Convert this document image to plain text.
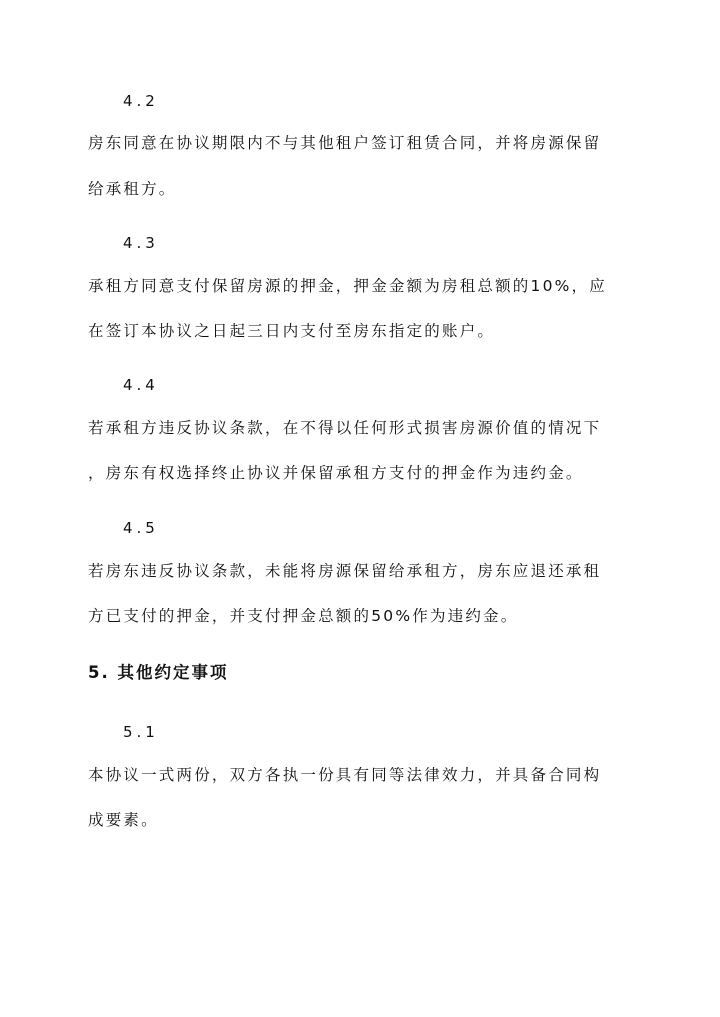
4.2
房东同意在协议期限内不与其他租户签订租赁合同，并将房源保留
给承租方。
4.3
承租方同意支付保留房源的押金，押金金额为房租总额的10%，应
在签订本协议之日起三日内支付至房东指定的账户。
4.4
若承租方违反协议条款，在不得以任何形式损害房源价值的情况下
，房东有权选择终止协议并保留承租方支付的押金作为违约金。
4.5
若房东违反协议条款，未能将房源保留给承租方，房东应退还承租
方已支付的押金，并支付押金总额的50%作为违约金。
5. 其他约定事项
5.1
本协议一式两份，双方各执一份具有同等法律效力，并具备合同构
成要素。
